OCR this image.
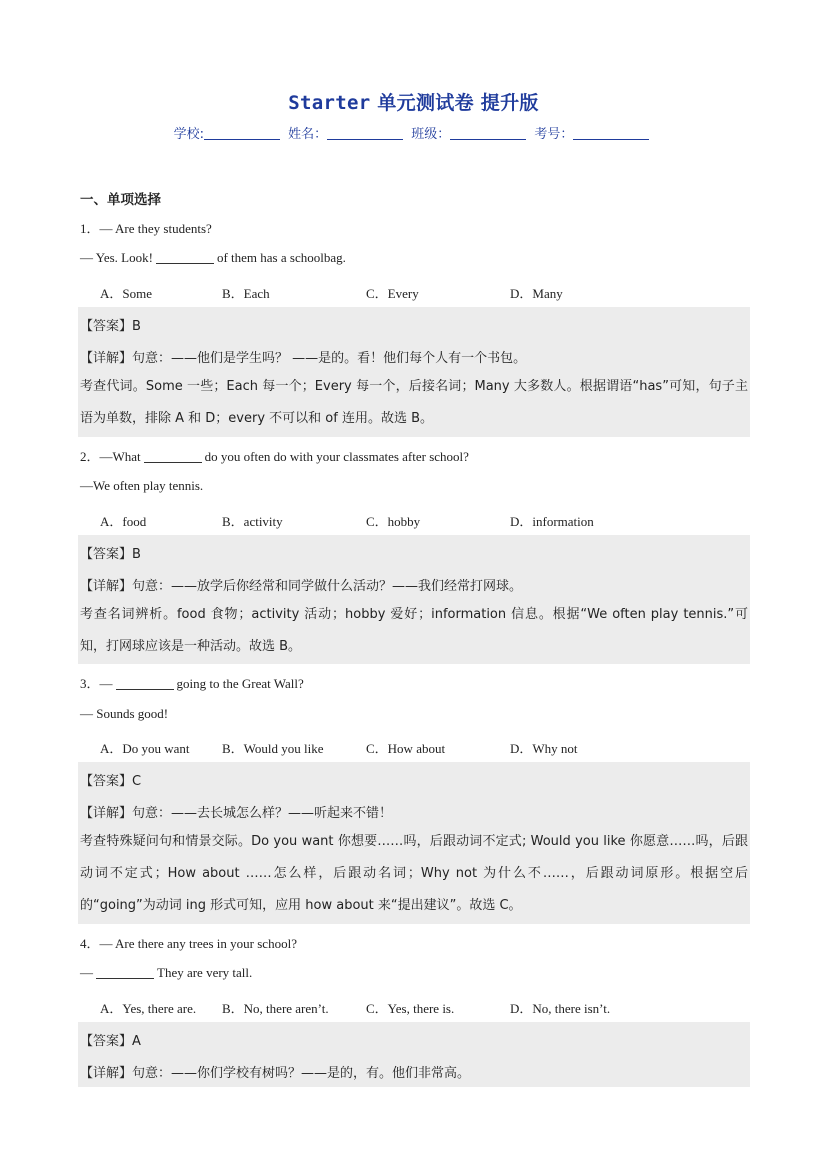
Starter 单元测试卷 提升版
学校:	姓名：	班级：	考号：
一、单项选择
1．— Are they students?
— Yes. Look!	of them has a schoolbag.
A．Some	B．Each	C．Every	D．Many
【答案】B
【详解】句意：——他们是学生吗？ ——是的。看！他们每个人有一个书包。
考查代词。Some 一些；Each 每一个；Every 每一个，后接名词；Many 大多数人。根据谓语“has”可知，句子主语为单数，排除 A 和 D；every 不可以和 of 连用。故选 B。
2．—What	do you often do with your classmates after school?
—We often play tennis.
A．food	B．activity	C．hobby	D．information
【答案】B
【详解】句意：——放学后你经常和同学做什么活动？——我们经常打网球。
考查名词辨析。food 食物；activity 活动；hobby 爱好；information 信息。根据“We often play tennis.”可知，打网球应该是一种活动。故选 B。
3．—	going to the Great Wall?
— Sounds good!
A．Do you want B．Would you like	C．How about	D．Why not
【答案】C
【详解】句意：——去长城怎么样？——听起来不错！
考查特殊疑问句和情景交际。Do you want 你想要……吗，后跟动词不定式; Would you like 你愿意……吗，后跟动词不定式；How about ……怎么样，后跟动名词；Why not 为什么不……，后跟动词原形。根据空后的“going”为动词 ing 形式可知，应用 how about 来“提出建议”。故选 C。
4．— Are there any trees in your school?
—	They are very tall.
A．Yes, there are. B．No, there aren’t.	C．Yes, there is.	D．No, there isn’t.
【答案】A
【详解】句意：——你们学校有树吗？——是的，有。他们非常高。
